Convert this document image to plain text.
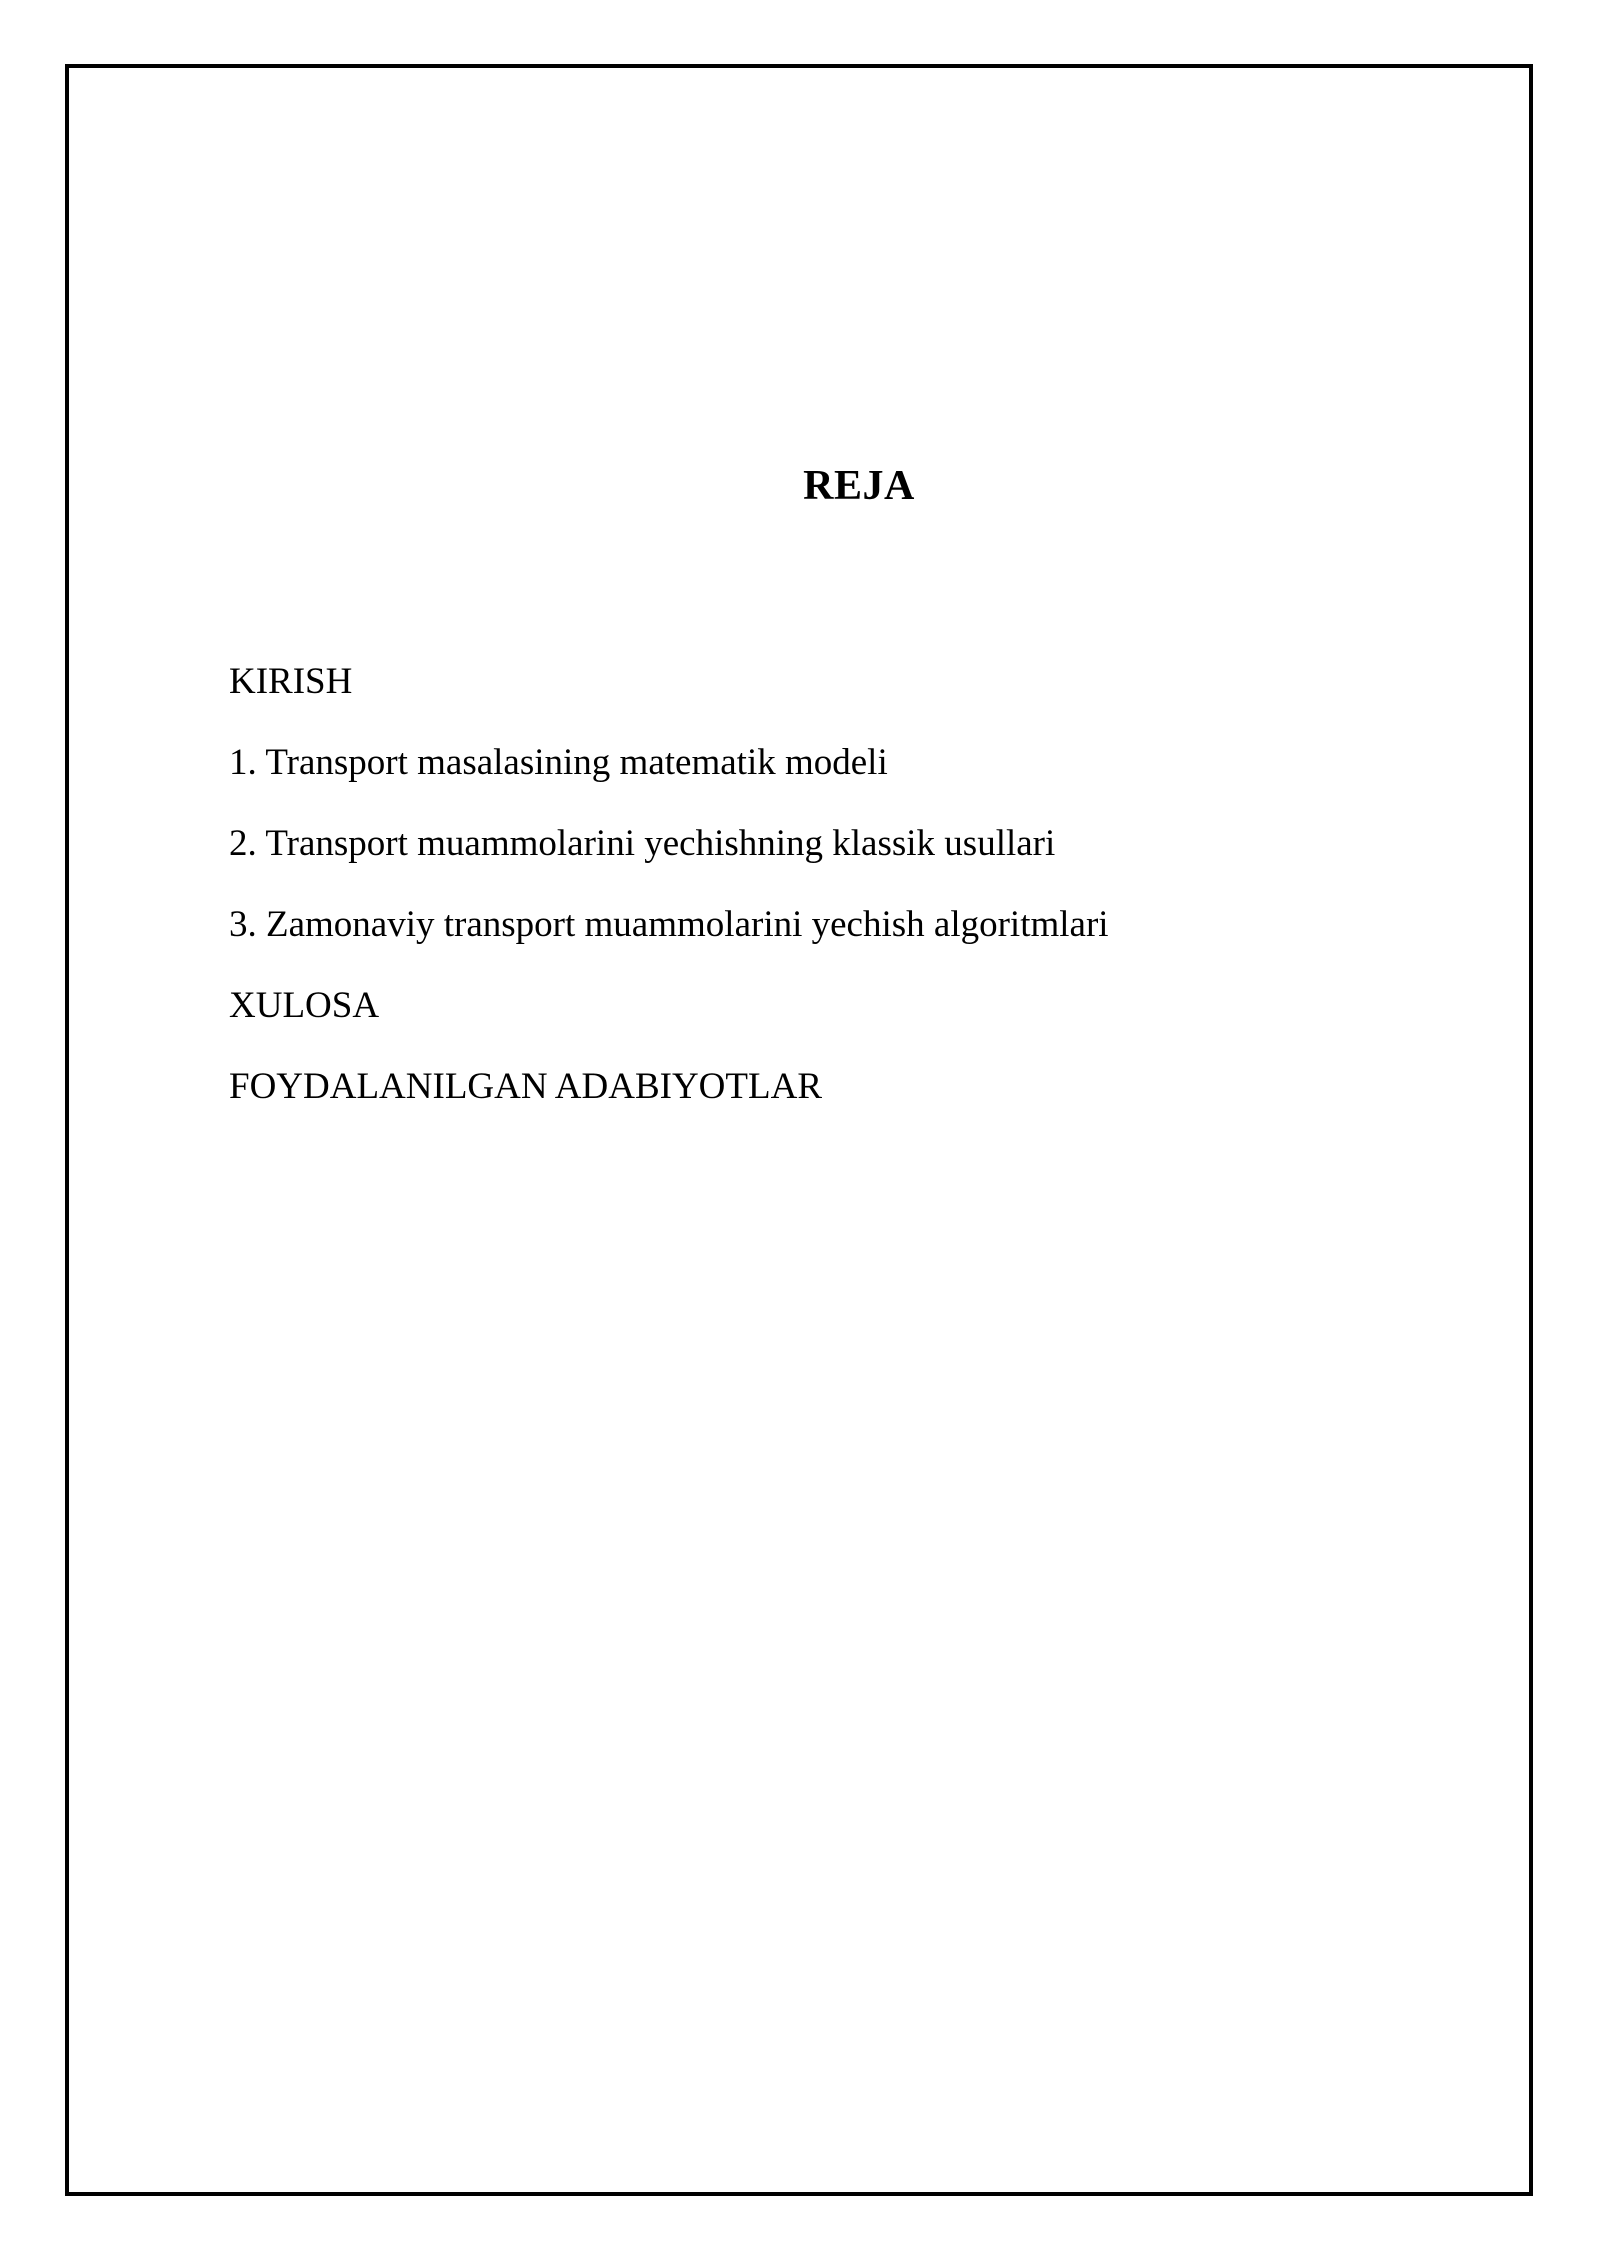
REJA
KIRISH
1. Transport masalasining matematik modeli
2. Transport muammolarini yechishning klassik usullari
3. Zamonaviy transport muammolarini yechish algoritmlari
XULOSA
FOYDALANILGAN ADABIYOTLAR
